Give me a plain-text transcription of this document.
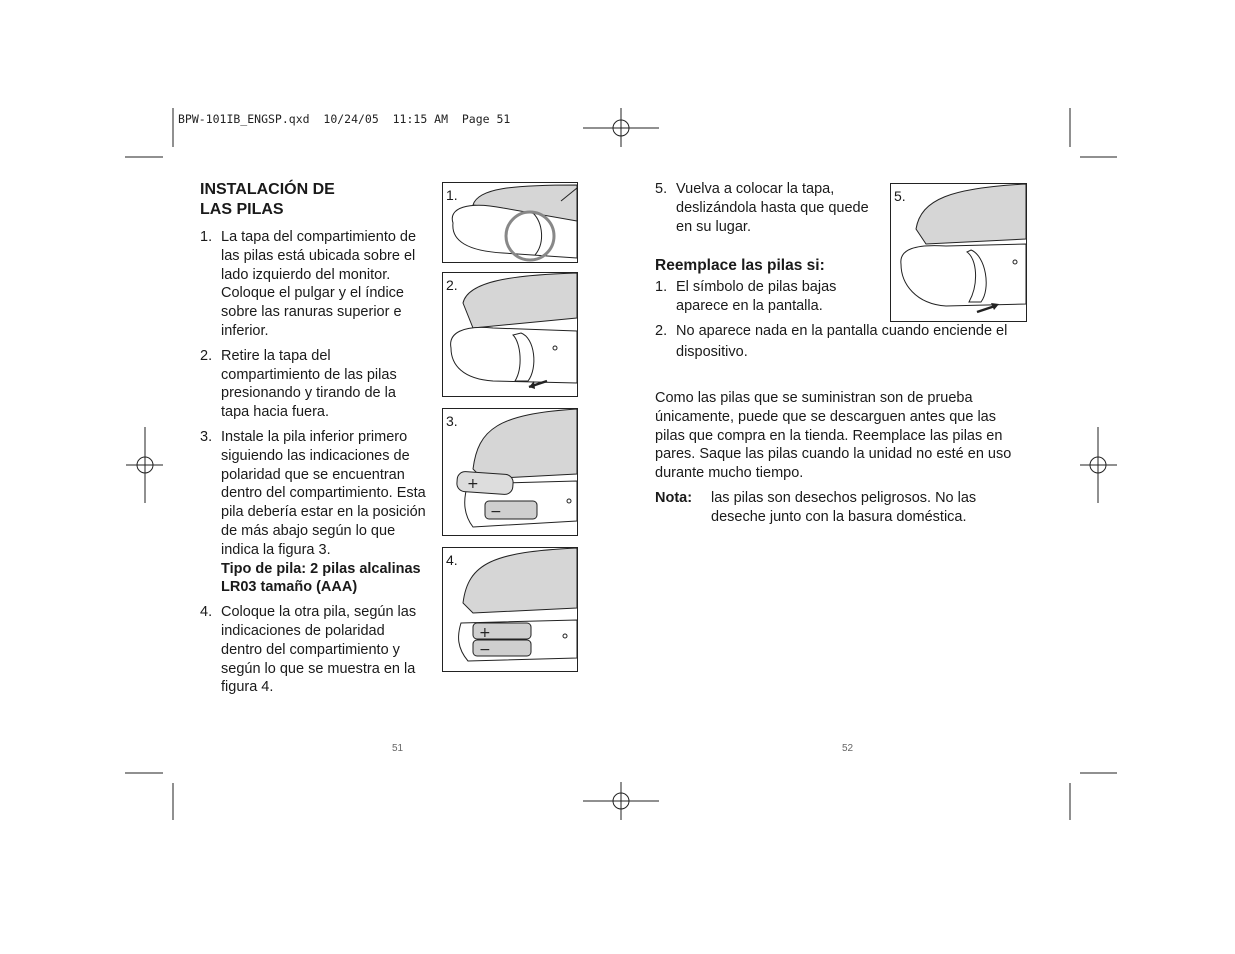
BPW-101IB_ENGSP.qxd  10/24/05  11:15 AM  Page 51
INSTALACIÓN DE
LAS PILAS
1. La tapa del compartimiento de las pilas está ubicada sobre el lado izquierdo del monitor. Coloque el pulgar y el índice sobre las ranuras superior e inferior.
2. Retire la tapa del compartimiento de las pilas presionando y tirando de la tapa hacia fuera.
3. Instale la pila inferior primero siguiendo las indicaciones de polaridad que se encuentran dentro del compartimiento. Esta pila debería estar en la posición de más abajo según lo que indica la figura 3.
Tipo de pila: 2 pilas alcalinas LR03 tamaño (AAA)
4. Coloque la otra pila, según las indicaciones de polaridad dentro del compartimiento y según lo que se muestra en la figura 4.
1.
2.
+
−
3.
+
−
4.
51
5. Vuelva a colocar la tapa, deslizándola hasta que quede en su lugar.
5.
Reemplace las pilas si:
1. El símbolo de pilas bajas aparece en la pantalla.
2. No aparece nada en la pantalla cuando enciende el dispositivo.

Como las pilas que se suministran son de prueba únicamente, puede que se descarguen antes que las pilas que compra en la tienda. Reemplace las pilas en pares. Saque las pilas cuando la unidad no esté en uso durante mucho tiempo.

Nota: las pilas son desechos peligrosos. No las deseche junto con la basura doméstica.
52
